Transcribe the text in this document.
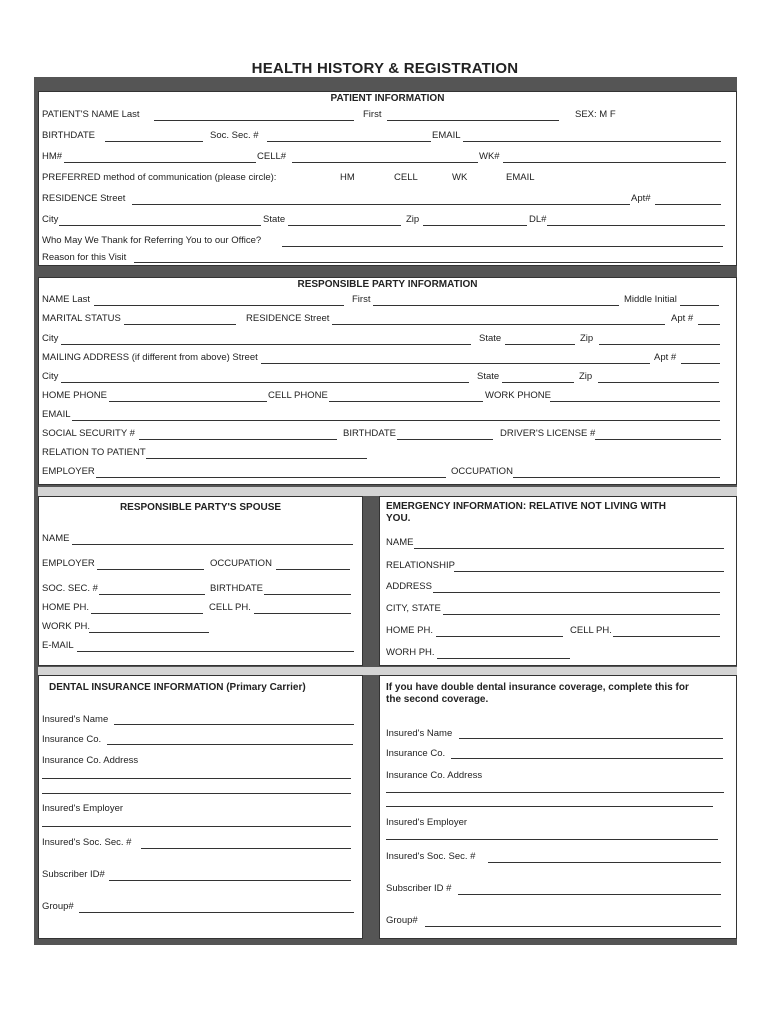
HEALTH HISTORY & REGISTRATION
PATIENT INFORMATION
PATIENT'S NAME Last	First	SEX: M F
BIRTHDATE	Soc. Sec. #	EMAIL
HM#	CELL#	WK#
PREFERRED method of communication (please circle):	HM	CELL	WK	EMAIL
RESIDENCE Street	Apt#
City	State	Zip	DL#
Who May We Thank for Referring You to our Office?
Reason for this Visit
RESPONSIBLE PARTY INFORMATION
NAME Last	First	Middle Initial
MARITAL STATUS	RESIDENCE Street	Apt #
City	State	Zip
MAILING ADDRESS (if different from above) Street	Apt #
City	State	Zip
HOME PHONE	CELL PHONE	WORK PHONE
EMAIL
SOCIAL SECURITY #	BIRTHDATE	DRIVER'S LICENSE #
RELATION TO PATIENT
EMPLOYER	OCCUPATION
RESPONSIBLE PARTY'S SPOUSE
NAME
EMPLOYER	OCCUPATION
SOC. SEC. #	BIRTHDATE
HOME PH.	CELL PH.
WORK PH.
E-MAIL
EMERGENCY INFORMATION: RELATIVE NOT LIVING WITH
YOU.
NAME
RELATIONSHIP
ADDRESS
CITY, STATE
HOME PH.	CELL PH.
WORH PH.
DENTAL INSURANCE INFORMATION (Primary Carrier)
Insured's Name
Insurance Co.
Insurance Co. Address
Insured's Employer
Insured's Soc. Sec. #
Subscriber ID#
Group#
If you have double dental insurance coverage, complete this for
the second coverage.
Insured's Name
Insurance Co.
Insurance Co. Address
Insured's Employer
Insured's Soc. Sec. #
Subscriber ID #
Group#
